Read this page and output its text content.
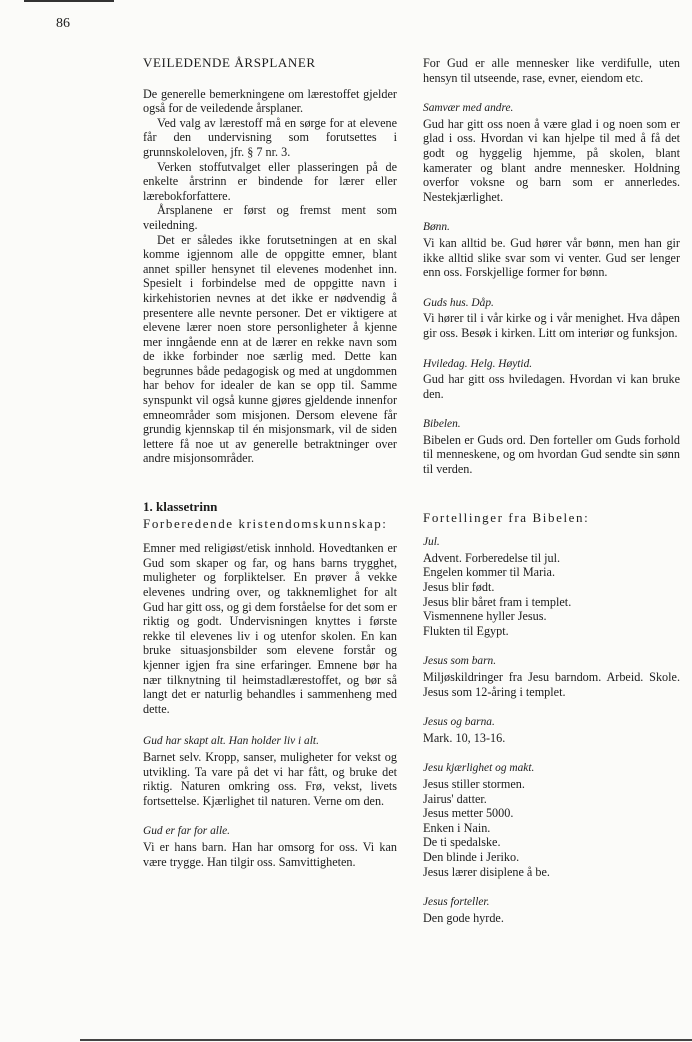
86

VEILEDENDE ÅRSPLANER

De generelle bemerkningene om lærestoffet gjelder også for de veiledende årsplaner.

Ved valg av lærestoff må en sørge for at elevene får den undervisning som forutsettes i grunnskoleloven, jfr. § 7 nr. 3.

Verken stoffutvalget eller plasseringen på de enkelte årstrinn er bindende for lærer eller lærebokforfattere.

Årsplanene er først og fremst ment som veiledning.

Det er således ikke forutsetningen at en skal komme igjennom alle de oppgitte emner, blant annet spiller hensynet til elevenes modenhet inn. Spesielt i forbindelse med de oppgitte navn i kirkehistorien nevnes at det ikke er nødvendig å presentere alle nevnte personer. Det er viktigere at elevene lærer noen store personligheter å kjenne mer inngående enn at de lærer en rekke navn som de ikke forbinder noe særlig med. Dette kan begrunnes både pedagogisk og med at ungdommen har behov for idealer de kan se opp til. Samme synspunkt vil også kunne gjøres gjeldende innenfor emneområder som misjonen. Dersom elevene får grundig kjennskap til én misjonsmark, vil de siden lettere få noe ut av generelle betraktninger over andre misjonsområder.

1. klassetrinn

Forberedende kristendomskunnskap:

Emner med religiøst/etisk innhold. Hovedtanken er Gud som skaper og far, og hans barns trygghet, muligheter og forpliktelser. En prøver å vekke elevenes undring over, og takknemlighet for alt Gud har gitt oss, og gi dem forståelse for det som er riktig og godt. Undervisningen knyttes i første rekke til elevenes liv i og utenfor skolen. En kan bruke situasjonsbilder som elevene forstår og kjenner igjen fra sine erfaringer. Emnene bør ha nær tilknytning til heimstadlærestoffet, og bør så langt det er naturlig behandles i sammenheng med dette.

Gud har skapt alt. Han holder liv i alt.

Barnet selv. Kropp, sanser, muligheter for vekst og utvikling. Ta vare på det vi har fått, og bruke det riktig. Naturen omkring oss. Frø, vekst, livets fortsettelse. Kjærlighet til naturen. Verne om den.

Gud er far for alle.

Vi er hans barn. Han har omsorg for oss. Vi kan være trygge. Han tilgir oss. Samvittigheten.

For Gud er alle mennesker like verdifulle, uten hensyn til utseende, rase, evner, eiendom etc.

Samvær med andre.

Gud har gitt oss noen å være glad i og noen som er glad i oss. Hvordan vi kan hjelpe til med å få det godt og hyggelig hjemme, på skolen, blant kamerater og blant andre mennesker. Holdning overfor voksne og barn som er annerledes. Nestekjærlighet.

Bønn.

Vi kan alltid be. Gud hører vår bønn, men han gir ikke alltid slike svar som vi venter. Gud ser lenger enn oss. Forskjellige former for bønn.

Guds hus. Dåp.

Vi hører til i vår kirke og i vår menighet. Hva dåpen gir oss. Besøk i kirken. Litt om interiør og funksjon.

Hviledag. Helg. Høytid.

Gud har gitt oss hviledagen. Hvordan vi kan bruke den.

Bibelen.

Bibelen er Guds ord. Den forteller om Guds forhold til menneskene, og om hvordan Gud sendte sin sønn til verden.

Fortellinger fra Bibelen:

Jul.

Advent. Forberedelse til jul.

Engelen kommer til Maria.

Jesus blir født.

Jesus blir båret fram i templet.

Vismennene hyller Jesus.

Flukten til Egypt.

Jesus som barn.

Miljøskildringer fra Jesu barndom. Arbeid. Skole. Jesus som 12-åring i templet.

Jesus og barna.

Mark. 10, 13-16.

Jesu kjærlighet og makt.

Jesus stiller stormen.

Jairus' datter.

Jesus metter 5000.

Enken i Nain.

De ti spedalske.

Den blinde i Jeriko.

Jesus lærer disiplene å be.

Jesus forteller.

Den gode hyrde.
